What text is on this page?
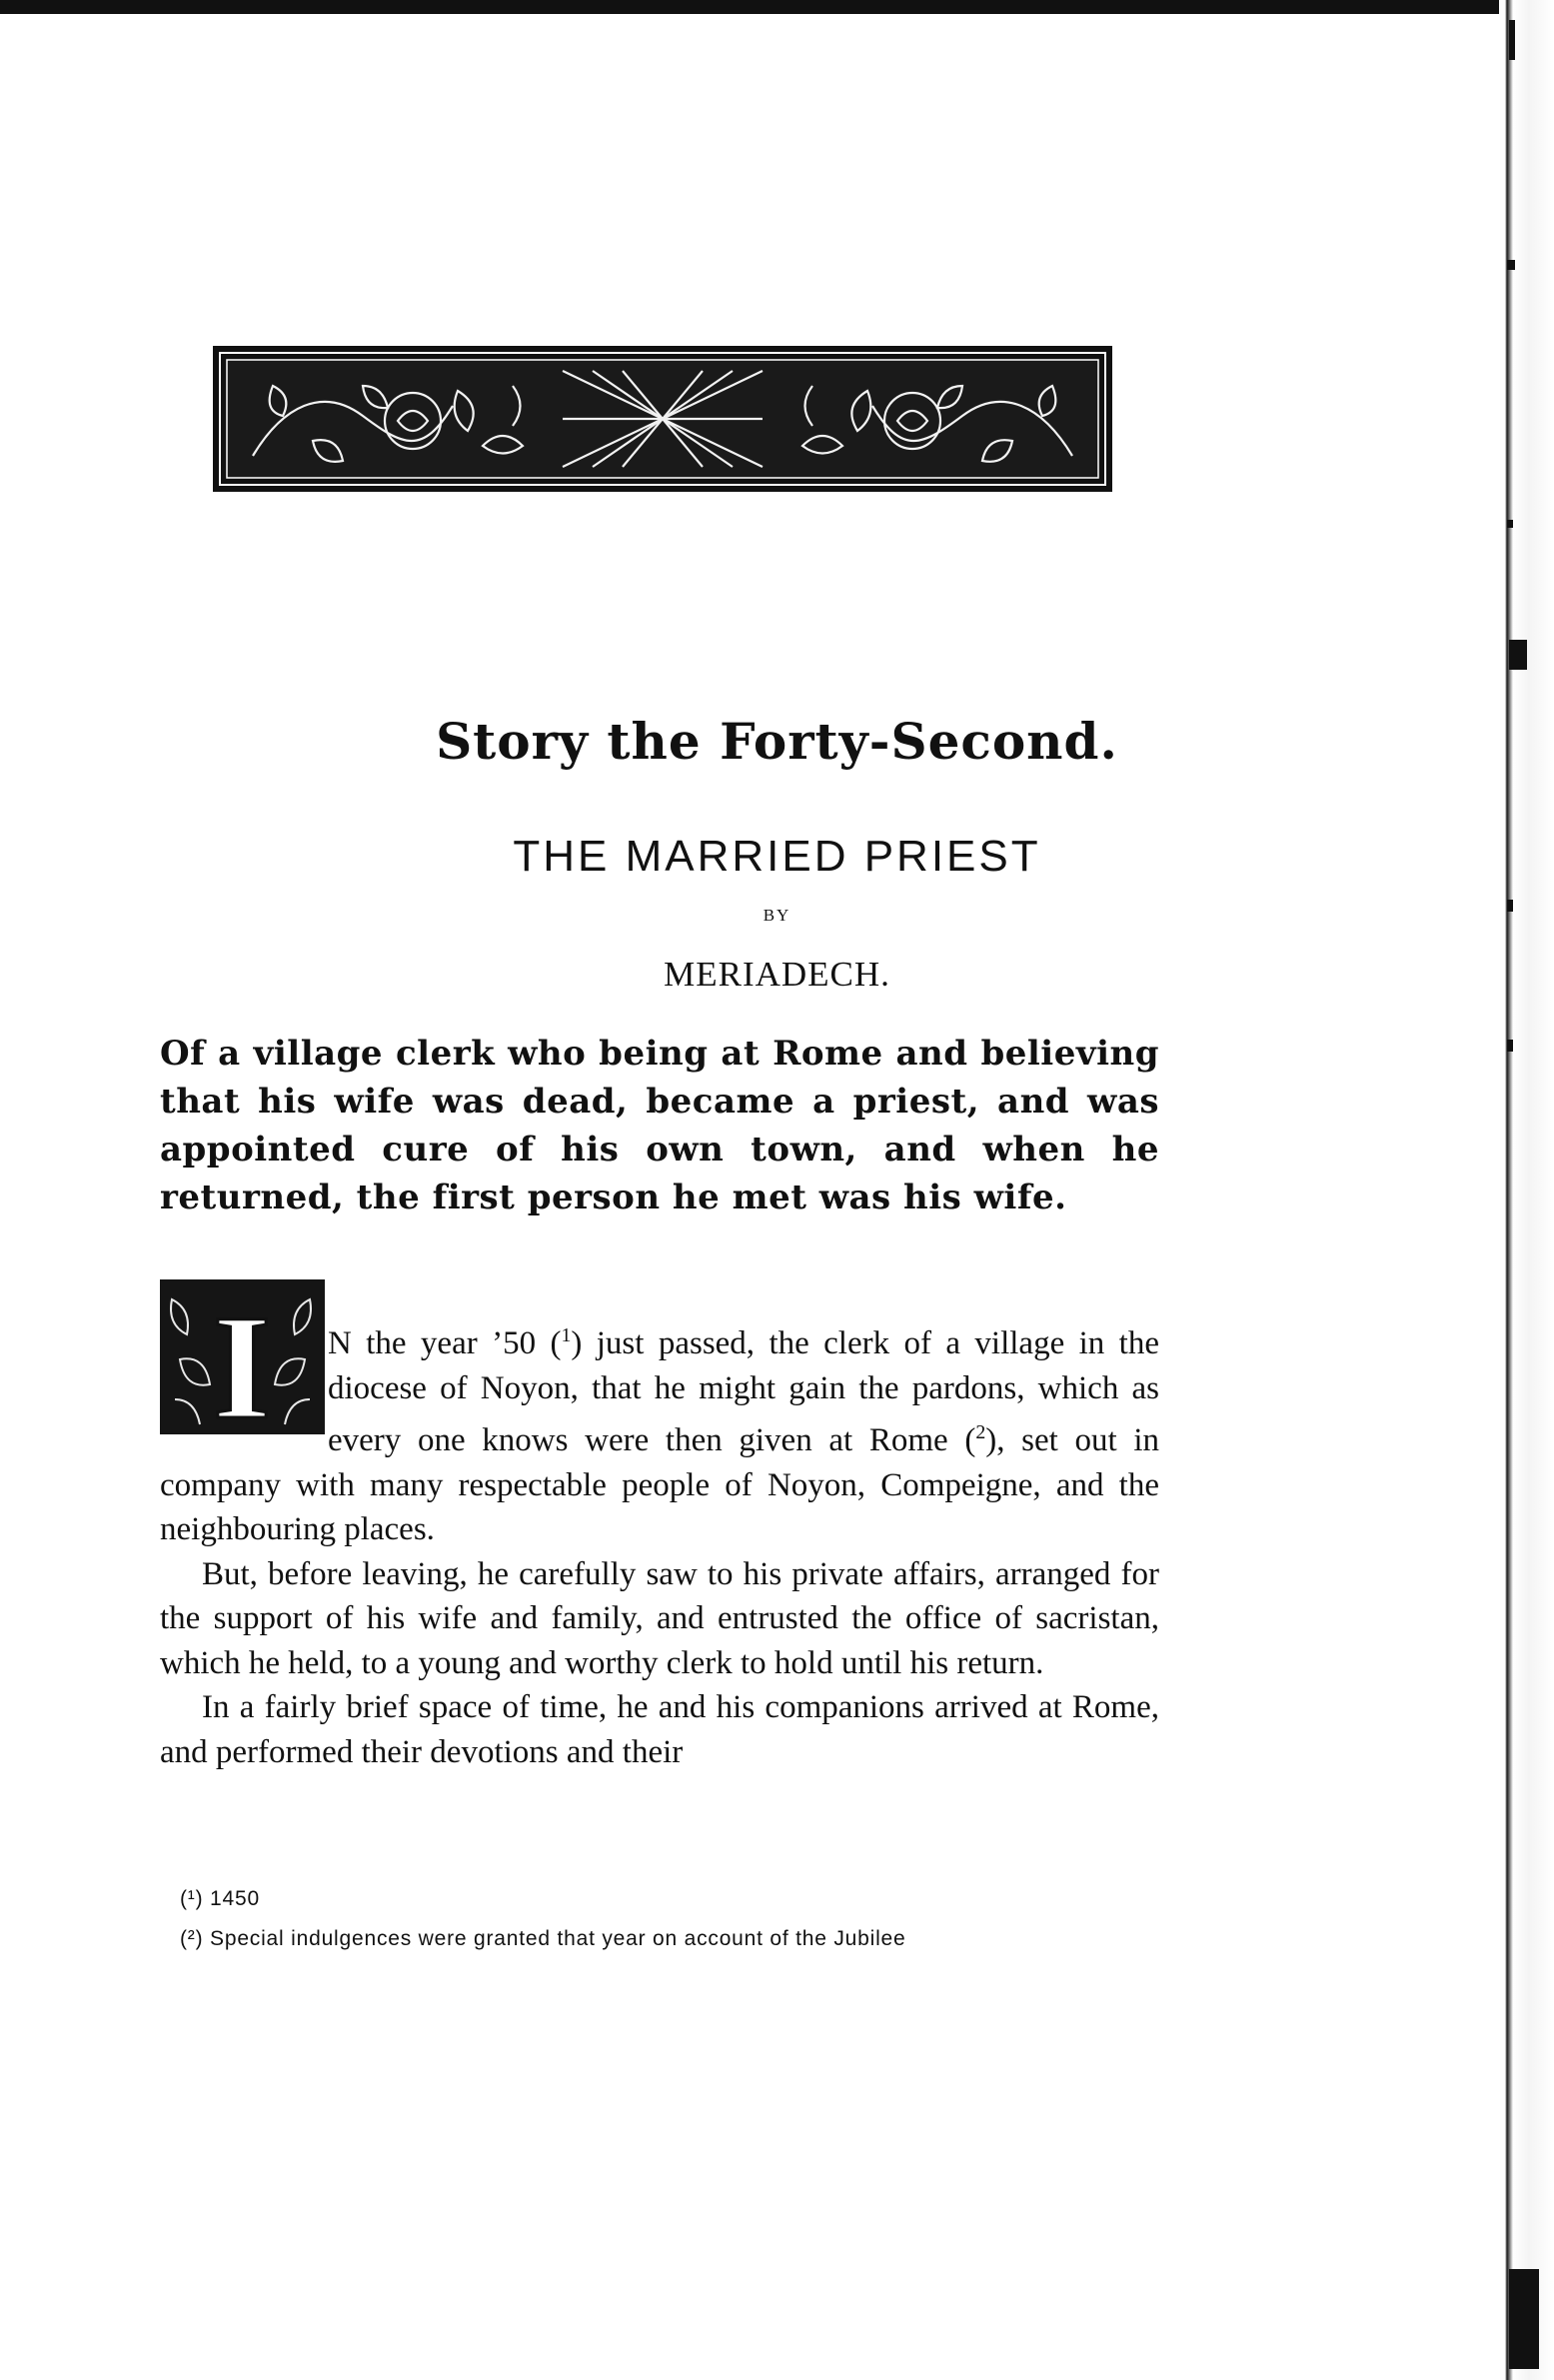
Story the Forty-Second.
THE MARRIED PRIEST
BY
MERIADECH.
Of a village clerk who being at Rome and believing that his wife was dead, became a priest, and was appointed cure of his own town, and when he returned, the first person he met was his wife.
I	N the year ’50 ($^1$) just passed, the clerk of a village in the diocese of Noyon, that he might gain the pardons, which as every one knows were then given at Rome ($^2$), set out in company with many respectable people of Noyon, Compeigne, and the neighbouring places.

But, before leaving, he carefully saw to his private affairs, arranged for the support of his wife and family, and entrusted the office of sacristan, which he held, to a young and worthy clerk to hold until his return.

In a fairly brief space of time, he and his companions arrived at Rome, and performed their devotions and their

(¹) 1450
(²) Special indulgences were granted that year on account of the Jubilee
